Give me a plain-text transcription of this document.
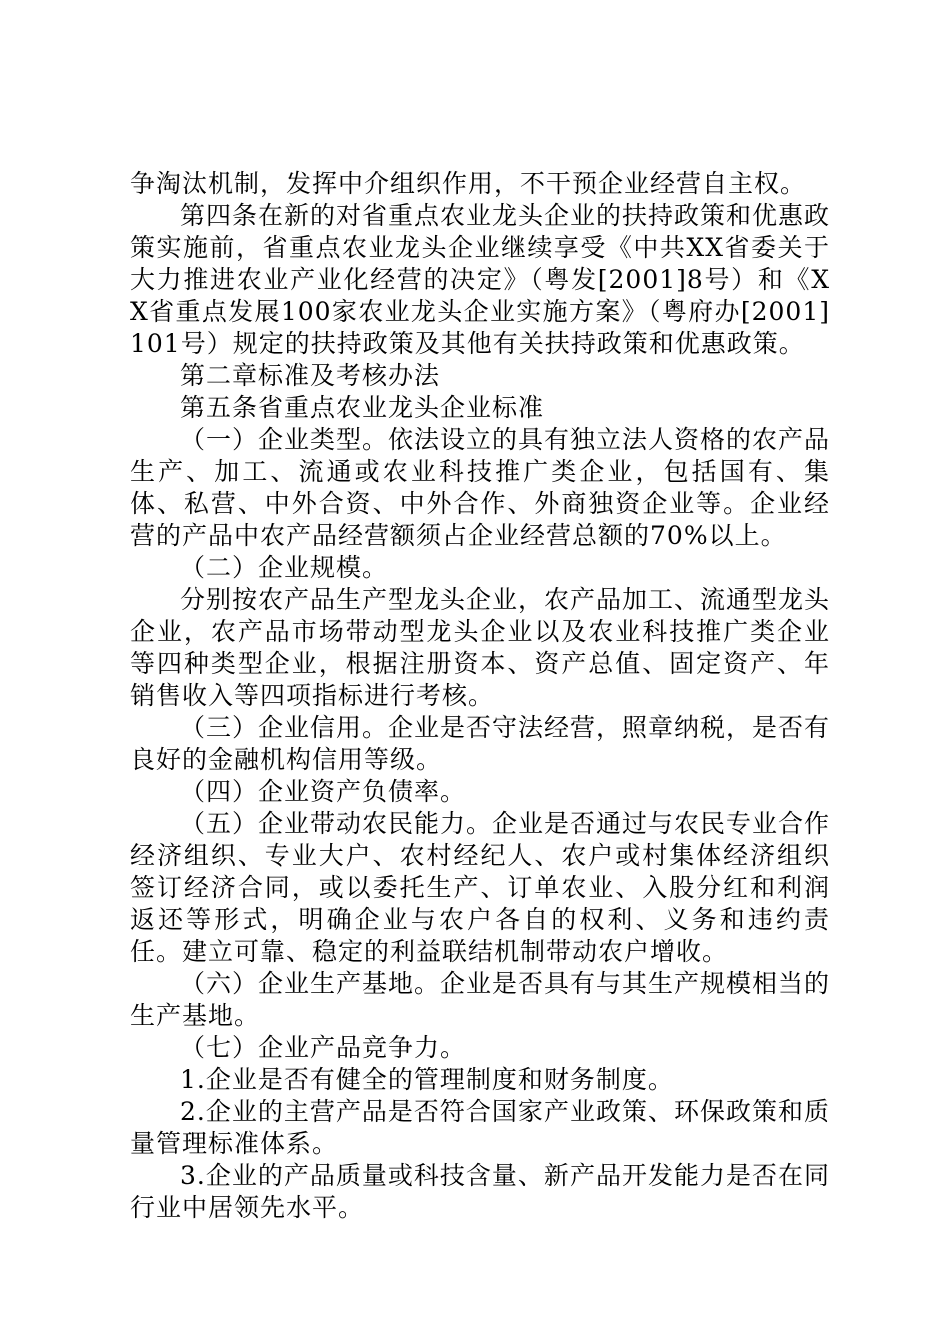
争淘汰机制，发挥中介组织作用，不干预企业经营自主权。

第四条在新的对省重点农业龙头企业的扶持政策和优惠政策实施前，省重点农业龙头企业继续享受《中共XX省委关于大力推进农业产业化经营的决定》（粤发[2001]8号）和《XX省重点发展100家农业龙头企业实施方案》（粤府办[2001]101号）规定的扶持政策及其他有关扶持政策和优惠政策。

第二章标准及考核办法

第五条省重点农业龙头企业标准

（一）企业类型。依法设立的具有独立法人资格的农产品生产、加工、流通或农业科技推广类企业，包括国有、集体、私营、中外合资、中外合作、外商独资企业等。企业经营的产品中农产品经营额须占企业经营总额的70%以上。

（二）企业规模。

分别按农产品生产型龙头企业，农产品加工、流通型龙头企业，农产品市场带动型龙头企业以及农业科技推广类企业等四种类型企业，根据注册资本、资产总值、固定资产、年销售收入等四项指标进行考核。

（三）企业信用。企业是否守法经营，照章纳税，是否有良好的金融机构信用等级。

（四）企业资产负债率。

（五）企业带动农民能力。企业是否通过与农民专业合作经济组织、专业大户、农村经纪人、农户或村集体经济组织签订经济合同，或以委托生产、订单农业、入股分红和利润返还等形式，明确企业与农户各自的权利、义务和违约责任。建立可靠、稳定的利益联结机制带动农户增收。

（六）企业生产基地。企业是否具有与其生产规模相当的生产基地。

（七）企业产品竞争力。

1.企业是否有健全的管理制度和财务制度。

2.企业的主营产品是否符合国家产业政策、环保政策和质量管理标准体系。

3.企业的产品质量或科技含量、新产品开发能力是否在同行业中居领先水平。
